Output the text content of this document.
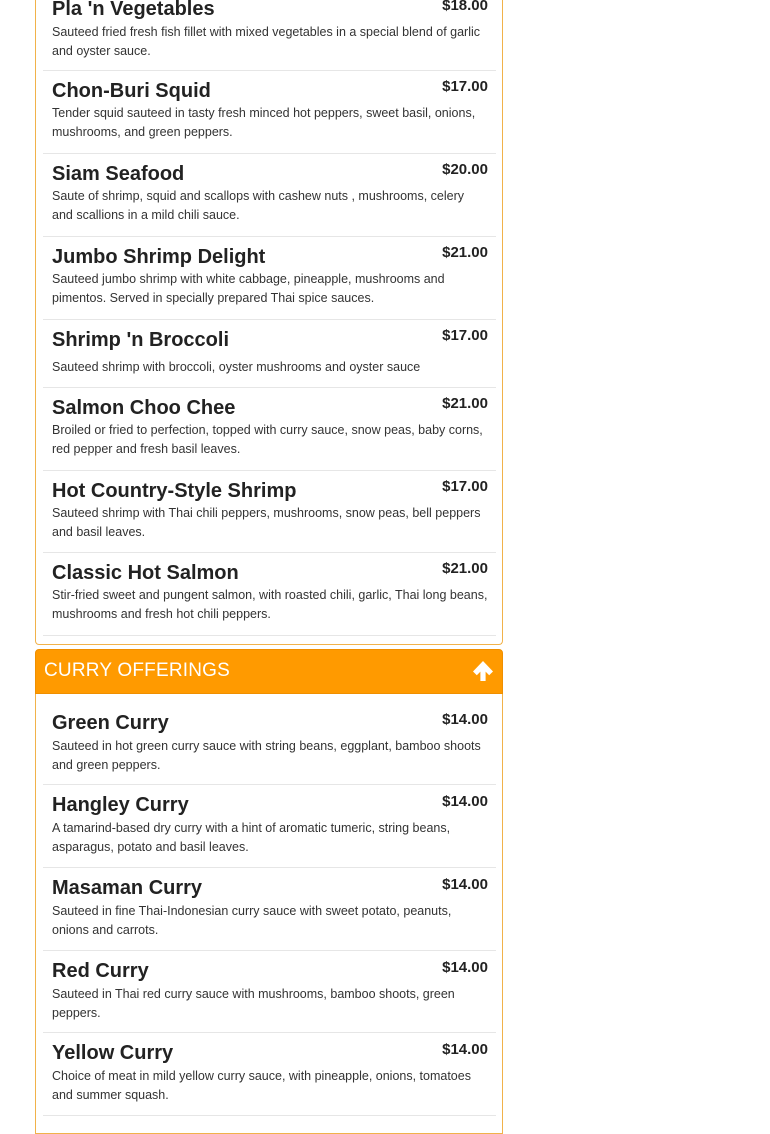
Pla 'n Vegetables	$18.00
Sauteed fried fresh fish fillet with mixed vegetables in a special blend of garlic and oyster sauce.
Chon-Buri Squid	$17.00
Tender squid sauteed in tasty fresh minced hot peppers, sweet basil, onions, mushrooms, and green peppers.
Siam Seafood	$20.00
Saute of shrimp, squid and scallops with cashew nuts , mushrooms, celery and scallions in a mild chili sauce.
Jumbo Shrimp Delight	$21.00
Sauteed jumbo shrimp with white cabbage, pineapple, mushrooms and pimentos. Served in specially prepared Thai spice sauces.
Shrimp 'n Broccoli	$17.00
Sauteed shrimp with broccoli, oyster mushrooms and oyster sauce
Salmon Choo Chee	$21.00
Broiled or fried to perfection, topped with curry sauce, snow peas, baby corns, red pepper and fresh basil leaves.
Hot Country-Style Shrimp	$17.00
Sauteed shrimp with Thai chili peppers, mushrooms, snow peas, bell peppers and basil leaves.
Classic Hot Salmon	$21.00
Stir-fried sweet and pungent salmon, with roasted chili, garlic, Thai long beans, mushrooms and fresh hot chili peppers.
CURRY OFFERINGS
Green Curry	$14.00
Sauteed in hot green curry sauce with string beans, eggplant, bamboo shoots and green peppers.
Hangley Curry	$14.00
A tamarind-based dry curry with a hint of aromatic tumeric, string beans, asparagus, potato and basil leaves.
Masaman Curry	$14.00
Sauteed in fine Thai-Indonesian curry sauce with sweet potato, peanuts, onions and carrots.
Red Curry	$14.00
Sauteed in Thai red curry sauce with mushrooms, bamboo shoots, green peppers.
Yellow Curry	$14.00
Choice of meat in mild yellow curry sauce, with pineapple, onions, tomatoes and summer squash.
